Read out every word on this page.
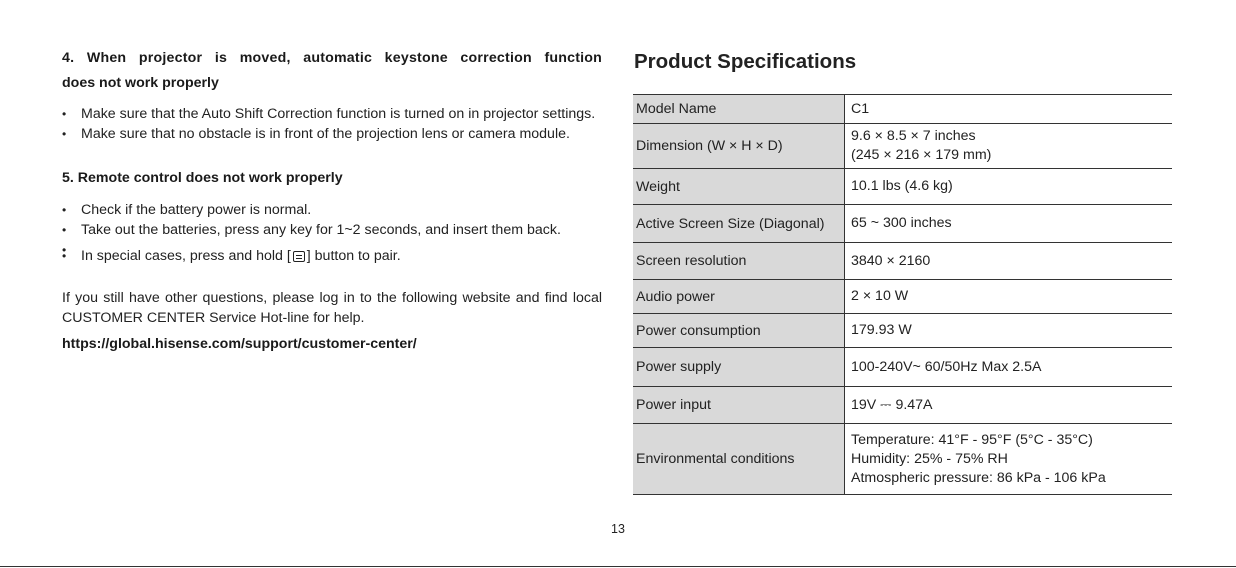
4. When projector is moved, automatic keystone correction function
does not work properly
• Make sure that the Auto Shift Correction function is turned on in projector settings.
• Make sure that no obstacle is in front of the projection lens or camera module.
5. Remote control does not work properly
• Check if the battery power is normal.
• Take out the batteries, press any key for 1~2 seconds, and insert them back.
•
• In special cases, press and hold [ ] button to pair.
If you still have other questions, please log in to the following website and find local CUSTOMER CENTER Service Hot-line for help.
https://global.hisense.com/support/customer-center/
Product Specifications
Model Name	C1

Dimension (W × H × D)	9.6 × 8.5 × 7 inches
(245 × 216 × 179 mm)

Weight	10.1 lbs (4.6 kg)

Active Screen Size (Diagonal)	65 ~ 300 inches

Screen resolution	3840 × 2160

Audio power	2 × 10 W

Power consumption	179.93 W

Power supply	100-240V~ 60/50Hz Max 2.5A

Power input	19V ⎓ 9.47A

Environmental conditions	Temperature: 41°F - 95°F (5°C - 35°C)
Humidity: 25% - 75% RH
Atmospheric pressure: 86 kPa - 106 kPa
13
